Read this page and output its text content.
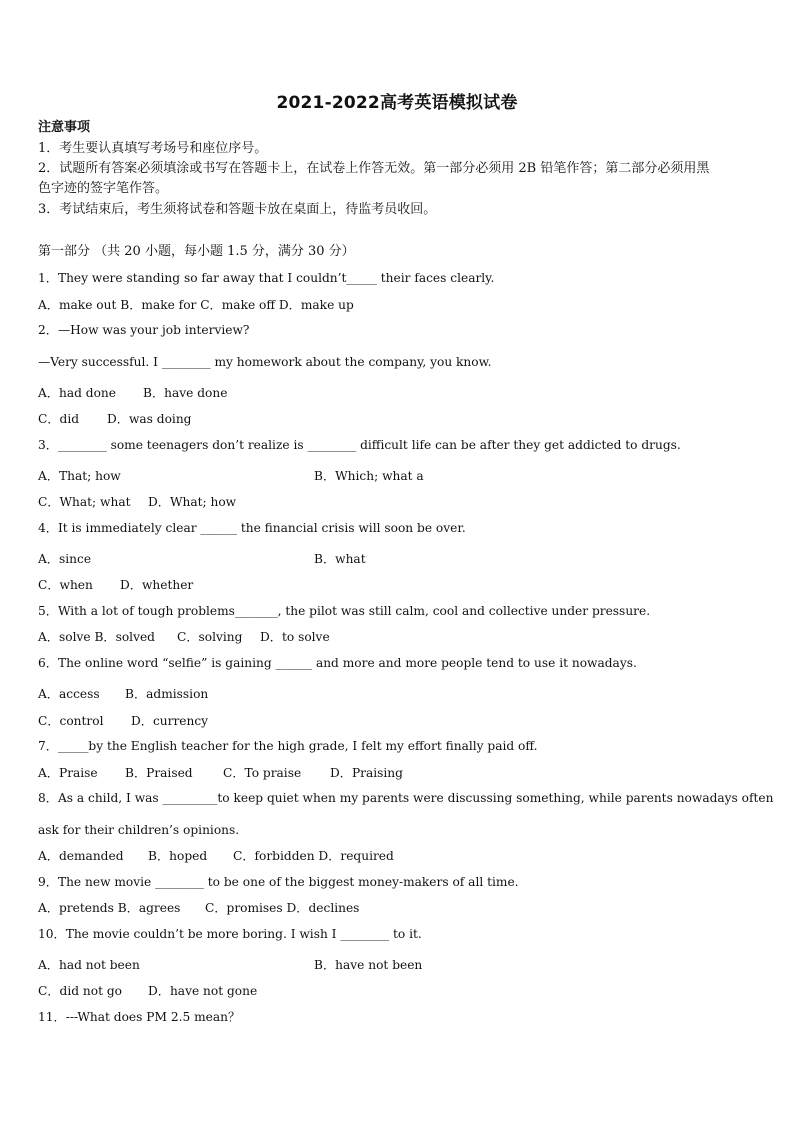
2021-2022高考英语模拟试卷
注意事项
1．考生要认真填写考场号和座位序号。
2．试题所有答案必须填涂或书写在答题卡上，在试卷上作答无效。第一部分必须用 2B 铅笔作答；第二部分必须用黑
色字迹的签字笔作答。
3．考试结束后，考生须将试卷和答题卡放在桌面上，待监考员收回。
第一部分 （共 20 小题，每小题 1.5 分，满分 30 分）
1．They were standing so far away that I couldn’t_____ their faces clearly.
A．make out B．make for C．make off D．make up
2．—How was your job interview?
—Very successful. I ________ my homework about the company, you know.
A．had done B．have done
C．did D．was doing
3．________ some teenagers don’t realize is ________ difficult life can be after they get addicted to drugs.
A．That; how	B．Which; what a
C．What; what D．What; how
4．It is immediately clear ______ the financial crisis will soon be over.
A．since	B．what
C．when D．whether
5．With a lot of tough problems_______, the pilot was still calm, cool and collective under pressure.
A．solve B．solved C．solving D．to solve
6．The online word “selfie” is gaining ______ and more and more people tend to use it nowadays.
A．access B．admission
C．control D．currency
7．_____by the English teacher for the high grade, I felt my effort finally paid off.
A．Praise B．Praised C．To praise D．Praising
8．As a child, I was _________to keep quiet when my parents were discussing something, while parents nowadays often
ask for their children’s opinions.
A．demanded B．hoped C．forbidden D．required
9．The new movie ________ to be one of the biggest money-makers of all time.
A．pretends B．agrees C．promises D．declines
10．The movie couldn’t be more boring. I wish I ________ to it.
A．had not been	B．have not been
C．did not go D．have not gone
11．---What does PM 2.5 mean？
